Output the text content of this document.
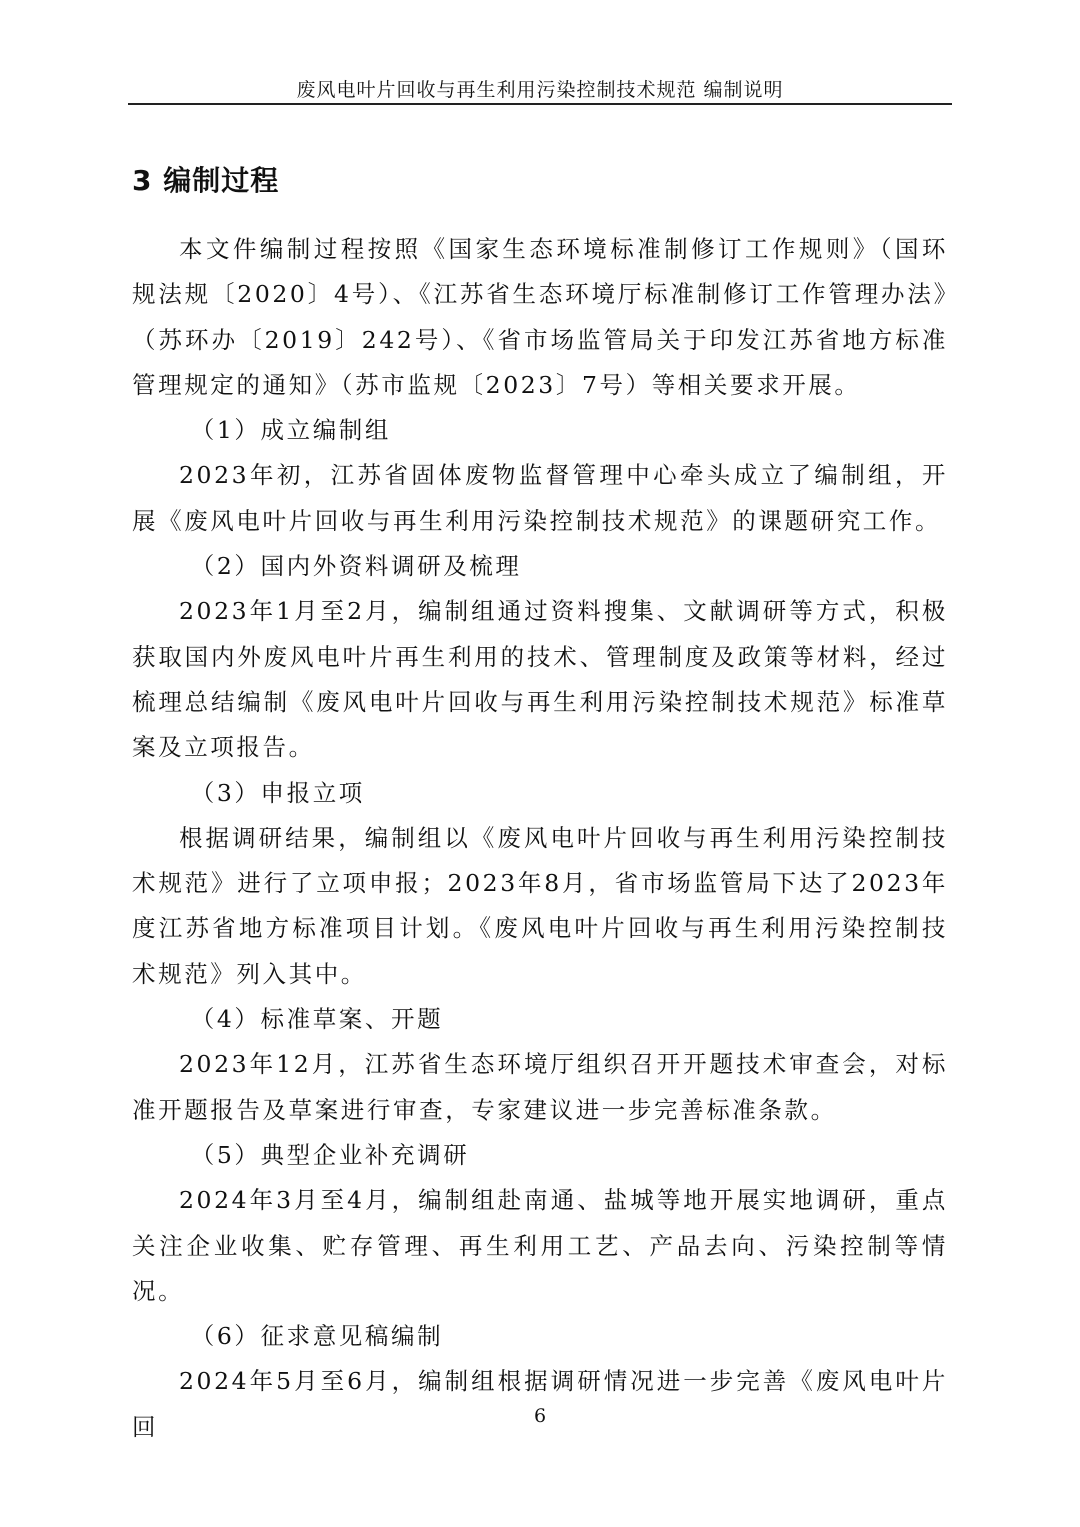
废风电叶片回收与再生利用污染控制技术规范 编制说明
3 编制过程

本文件编制过程按照《国家生态环境标准制修订工作规则》（国环规法规〔2020〕4号）、《江苏省生态环境厅标准制修订工作管理办法》（苏环办〔2019〕242号）、《省市场监管局关于印发江苏省地方标准管理规定的通知》（苏市监规〔2023〕7号）等相关要求开展。

（1）成立编制组

2023年初，江苏省固体废物监督管理中心牵头成立了编制组，开展《废风电叶片回收与再生利用污染控制技术规范》的课题研究工作。

（2）国内外资料调研及梳理

2023年1月至2月，编制组通过资料搜集、文献调研等方式，积极获取国内外废风电叶片再生利用的技术、管理制度及政策等材料，经过梳理总结编制《废风电叶片回收与再生利用污染控制技术规范》标准草案及立项报告。

（3）申报立项

根据调研结果，编制组以《废风电叶片回收与再生利用污染控制技术规范》进行了立项申报；2023年8月，省市场监管局下达了2023年度江苏省地方标准项目计划。《废风电叶片回收与再生利用污染控制技术规范》列入其中。

（4）标准草案、开题

2023年12月，江苏省生态环境厅组织召开开题技术审查会，对标准开题报告及草案进行审查，专家建议进一步完善标准条款。

（5）典型企业补充调研

2024年3月至4月，编制组赴南通、盐城等地开展实地调研，重点关注企业收集、贮存管理、再生利用工艺、产品去向、污染控制等情况。

（6）征求意见稿编制

2024年5月至6月，编制组根据调研情况进一步完善《废风电叶片回	6
